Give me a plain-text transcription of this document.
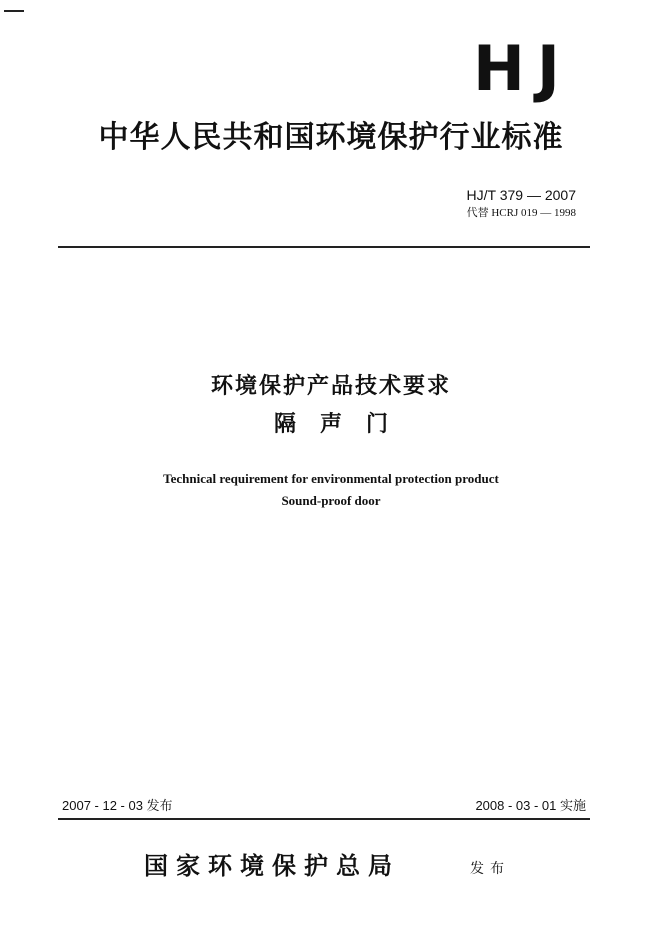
HJ
中华人民共和国环境保护行业标准
HJ/T 379 — 2007
代替 HCRJ 019 — 1998
环境保护产品技术要求
隔声门
Technical requirement for environmental protection product
Sound-proof door
2007 - 12 - 03 发布	2008 - 03 - 01 实施
国家环境保护总局	发布
